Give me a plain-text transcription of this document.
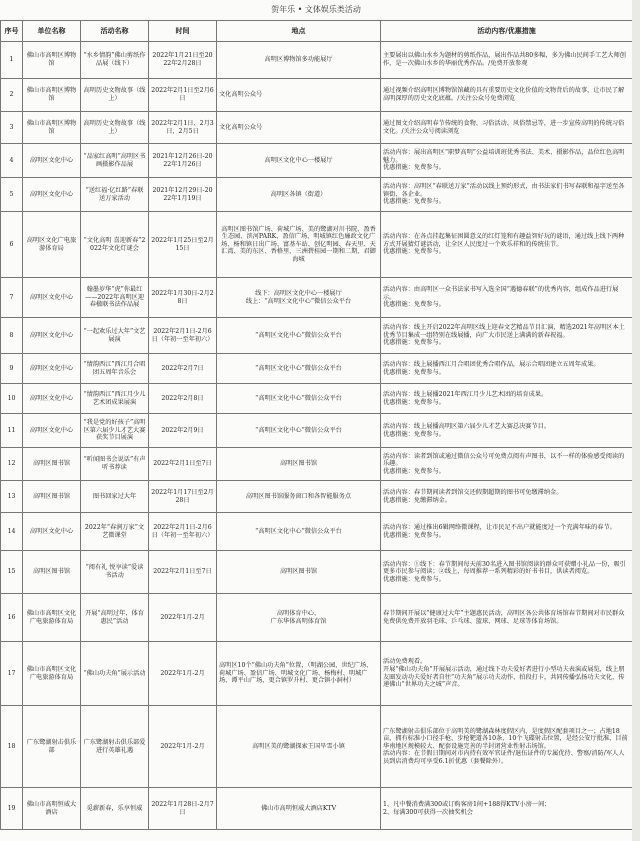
贺年乐 • 文体娱乐类活动
序号	单位名称	活动名称	时间	地点	活动内容/优惠措施
1	佛山市高明区博物馆	“水乡情韵”佛山剪纸作品展（线下）	2022年1月21日至2022年2月28日	高明区博物馆多功能展厅	主要展出以佛山水乡为题材的剪纸作品，展出作品共80多幅，多为佛山民间手工艺大师创作，是一次佛山水乡的华丽优秀作品。/免费开放参观
2	佛山市高明区博物馆	高明历史文物故事（线上）	2022年2月1日至2月6日	文化高明公众号	通过视频介绍高明区博物馆馆藏的具有重要历史文化价值的文物背后的故事，让市民了解高明深厚的历史文化底蕴。/关注公众号免费浏览
3	佛山市高明区博物馆	高明历史文物故事（线上）	2022年2月1日、2月3日，2月5日	文化高明公众号	通过图文介绍高明春节传统的食物、习俗活动、风俗禁忌等，进一步宣传高明的传统习俗文化。/关注公众号阅读浏览
4	高明区文化中心	“品家红高明”高明区书画摄影作品展	2021年12月26日-2022年1月26日	高明区文化中心一楼展厅	活动内容：展出高明区“职梦高明”公益培训班优秀书法、美术、摄影作品，品位红色高明魅力。
优惠措施：免费参与。
5	高明区文化中心	“送红福·亿红路”春联送万家活动	2021年12月29日-2022年1月19日	高明区各镇（街道）	活动内容：高明区“春联送万家”活动以线上预约形式，由书法家们书写春联和福字送至各镇街、各企业。
优惠措施：免费参与。
6	高明区文化广电旅游体育局	“文化高明 喜迎新春”2022年文化灯谜会	2022年1月25日至2月15日	高明区图书馆广场、荷城广场、美的鹭湖对川书院、盈香生态园、滨河PARK、盈信广场、明城镇红色廉政文化广场、杨和镇日出广场、富基车站、创亿明园、春天里、天汇湾、美的东区、香格里、三洲碧桂园一期和二期、君御海城	活动内容：在各点挂起集征困圆意义的红灯笼和有趣益智好玩的谜语，通过线上线下两种方式开展猜灯谜活动，让全区人民度过一个欢乐祥和的传统佳节。
优惠措施：免费参与。
7	高明区文化中心	翰墨岁华“虎”你最红——2022年高明区迎春楹联书法作品展	2022年1月30日-2月28日	线下：高明区文化中心一楼展厅
线上：“高明区文化中心”微信公众平台	活动内容：由高明区一众书法家书写入选全国“遇德春联”的优秀内容，组成作品进行展示。
优惠措施：免费参与。
8	高明区文化中心	“一起欢乐过大年”文艺展演	2022年2月1日-2月6日（年初一至年初六）	“高明区文化中心”微信公众平台	活动内容：线上开启2022年高明区线上迎春文艺精品节目汇演，精选2021年高明区本土优秀节目集成一组特别在线展播，向广大市民送上满满的新春祝福。
优惠措施：免费参与。
9	高明区文化中心	“情韵西江”西江月合唱团五周年音乐会	2022年2月7日	“高明区文化中心”微信公众平台	活动内容：线上展播西江月合唱团优秀合唱作品，展示合唱团建立五周年成果。
优惠措施：免费参与。
10	高明区文化中心	“情韵西江”西江月少儿艺术团成果展演	2022年2月8日	“高明区文化中心”微信公众平台	活动内容：线上展播2021年西江月少儿艺术团的培育成果。
优惠措施：免费参与。
11	高明区文化中心	“我是党的好孩子”高明区第六届少儿才艺大赛获奖节目展演	2022年2月9日	“高明区文化中心”微信公众平台	活动内容：线上展播高明区第六届少儿才艺大赛总决赛节目。
优惠措施：免费参与。
12	高明区图书馆	“听闻图书会说话”有声听书荐读	2022年2月1日至7日	高明区图书馆	活动内容：读者到馆或通过微信公众号可免费点阅有声图书，以不一样的体验感受阅读的乐趣。
优惠措施：免费参与。
13	高明区图书馆	图书回家过大年	2022年1月17日至2月28日	高明区图书馆服务窗口和各智能服务点	活动内容：春节期间读者到馆交还假期超期的图书可免缴滞纳金。
优惠措施：免缴滞纳金。
14	高明区文化中心	2022年“春润万家”文艺微课堂	2022年2月1日-2月6日（年初一至年初六）	“高明区文化中心”微信公众平台	活动内容：通过推出6辑网络微课程，让市民足不出户就能度过一个充满年味的春节。
优惠措施：免费参与。
15	高明区图书馆	“阅有礼 悦享读”爱读书活动	2022年2月1日至7日	高明区图书馆	活动内容：①线下：春节期间每天前30名进入图书馆阅读的群众可获赠小礼品一份，吸引更多市民参与阅读；②线上，每周推荐一系列精彩的好书书目，供读者阅览。
优惠措施：免费参与。
16	佛山市高明区文化广电旅游体育局	开展“高明过年，体育惠民”活动	2022年1月-2月	高明体育中心、
广东华体高明体育馆	春节期间开展以“健康过大年”主题惠民活动，高明区各公共体育场馆春节期间对市民群众免费供免费开放羽毛球、乒乓球、篮球、网球、足球等体育场馆。
17	佛山市高明区文化广电旅游体育局	“佛山功夫角”展示活动	2022年1月-2月	高明区10个“佛山功夫角”位置，（明湖公园、世纪广场、荷城广场、盈信广场、明城文化广场、杨梅村、明城广场、谭平山广场、更合镇罗升村、更合镇小洞村）	活动免费观看。
开展“佛山功夫角”开展展示活动，通过线下功夫爱好者进行小型功夫表演或展览，线上朋友圈发动功夫爱好者自往“功夫角”展示功夫动作、拍段打卡，共同传播弘扬功夫文化，传递佛山“世界功夫之城”声音。
18	广东鹭湖射击俱乐部	广东鹭湖射击俱乐部爱进行英雄礼遇	2022年1月-2月	高明区美的鹭湖探索王国旱雪小镇	广东鹭湖射击俱乐部位于高明美的鹭湖森林度假区内，是度假区配套项目之一；占地18亩，拥有标准小口径手枪、步枪靶道各10条，10个飞碟射击位置，是经公安厅批准，目前华南地区规模较大、配套设施完善的半封闭营业性射击场馆。
活动内容：在节假日期间对市内持有效军官证件/退伍证件的专属优待、警察/消防/军人人员到店消费均可享受6.1折优惠（套餐除外）。
19	佛山市高明恒威大酒店	觅薪新春，乐享恒威	2022年1月28日-2月7日	佛山市高明恒威大酒店KTV	1、凡中餐消费满300或订购客房1间+188得KTV小房一间；
2、每满300可获得一次抽奖机会
